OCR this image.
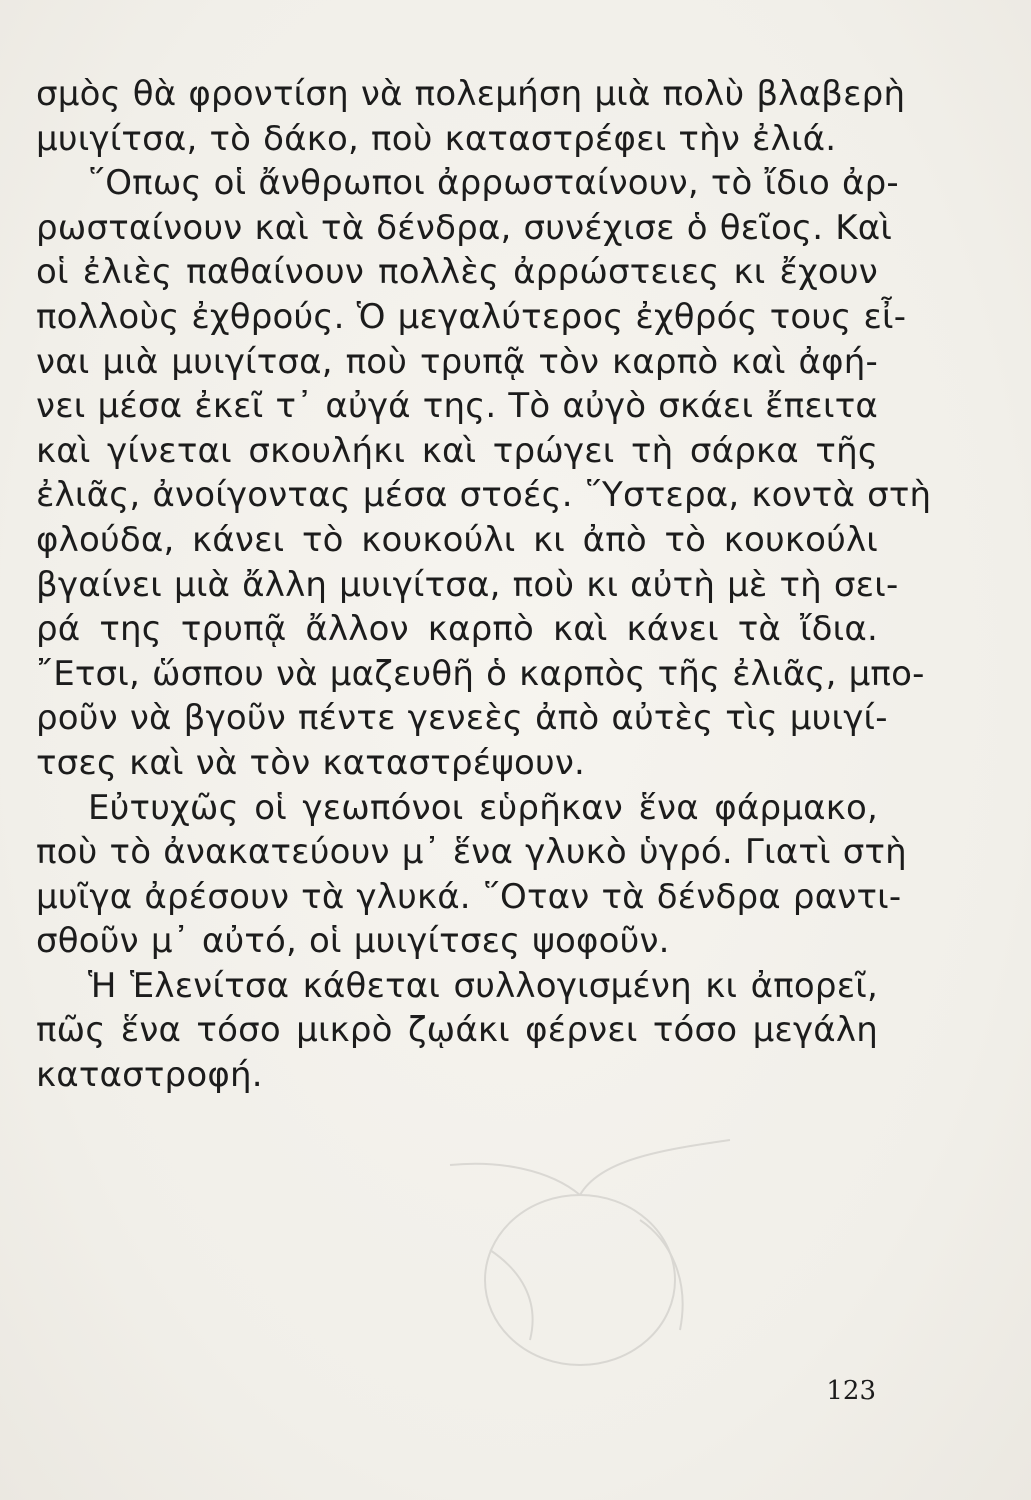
σμὸς θὰ φροντίση νὰ πολεμήση μιὰ πολὺ βλαβερὴ
μυιγίτσα, τὸ δάκο, ποὺ καταστρέφει τὴν ἐλιά.
῞Οπως οἱ ἄνθρωποι ἀρρωσταίνουν, τὸ ἴδιο ἀρ-
ρωσταίνουν καὶ τὰ δένδρα, συνέχισε ὁ θεῖος. Καὶ
οἱ ἐλιὲς παθαίνουν πολλὲς ἀρρώστειες κι ἔχουν
πολλοὺς ἐχθρούς. Ὁ μεγαλύτερος ἐχθρός τους εἶ-
ναι μιὰ μυιγίτσα, ποὺ τρυπᾷ τὸν καρπὸ καὶ ἀφή-
νει μέσα ἐκεῖ τ᾽ αὐγά της. Τὸ αὐγὸ σκάει ἔπειτα
καὶ γίνεται σκουλήκι καὶ τρώγει τὴ σάρκα τῆς
ἐλιᾶς, ἀνοίγοντας μέσα στοές. ῞Υστερα, κοντὰ στὴ
φλούδα, κάνει τὸ κουκούλι κι ἀπὸ τὸ κουκούλι
βγαίνει μιὰ ἄλλη μυιγίτσα, ποὺ κι αὐτὴ μὲ τὴ σει-
ρά της τρυπᾷ ἄλλον καρπὸ καὶ κάνει τὰ ἴδια.
῎Ετσι, ὥσπου νὰ μαζευθῆ ὁ καρπὸς τῆς ἐλιᾶς, μπο-
ροῦν νὰ βγοῦν πέντε γενεὲς ἀπὸ αὐτὲς τὶς μυιγί-
τσες καὶ νὰ τὸν καταστρέψουν.
Εὐτυχῶς οἱ γεωπόνοι εὑρῆκαν ἕνα φάρμακο,
ποὺ τὸ ἀνακατεύουν μ᾽ ἕνα γλυκὸ ὑγρό. Γιατὶ στὴ
μυῖγα ἀρέσουν τὰ γλυκά. ῞Οταν τὰ δένδρα ραντι-
σθοῦν μ᾽ αὐτό, οἱ μυιγίτσες ψοφοῦν.
Ἡ Ἑλενίτσα κάθεται συλλογισμένη κι ἀπορεῖ,
πῶς ἕνα τόσο μικρὸ ζῳάκι φέρνει τόσο μεγάλη
καταστροφή.
123
